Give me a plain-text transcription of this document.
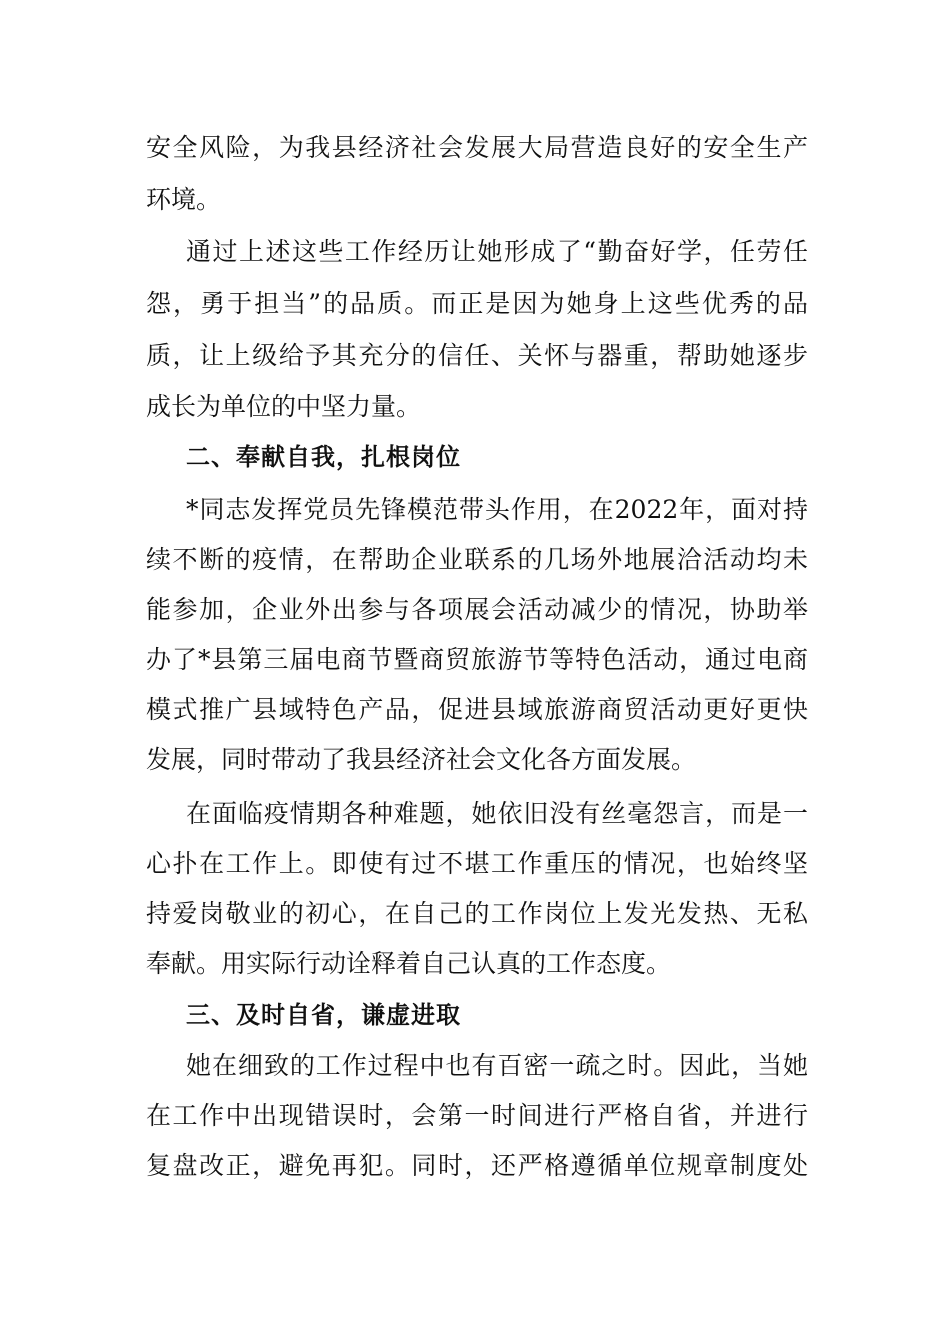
安全风险，为我县经济社会发展大局营造良好的安全生产
环境。
通过上述这些工作经历让她形成了“勤奋好学，任劳任
怨，勇于担当”的品质。而正是因为她身上这些优秀的品
质，让上级给予其充分的信任、关怀与器重，帮助她逐步
成长为单位的中坚力量。
二、奉献自我，扎根岗位
*同志发挥党员先锋模范带头作用，在2022年，面对持
续不断的疫情，在帮助企业联系的几场外地展洽活动均未
能参加，企业外出参与各项展会活动减少的情况，协助举
办了*县第三届电商节暨商贸旅游节等特色活动，通过电商
模式推广县域特色产品，促进县域旅游商贸活动更好更快
发展，同时带动了我县经济社会文化各方面发展。
在面临疫情期各种难题，她依旧没有丝毫怨言，而是一
心扑在工作上。即使有过不堪工作重压的情况，也始终坚
持爱岗敬业的初心，在自己的工作岗位上发光发热、无私
奉献。用实际行动诠释着自己认真的工作态度。
三、及时自省，谦虚进取
她在细致的工作过程中也有百密一疏之时。因此，当她
在工作中出现错误时，会第一时间进行严格自省，并进行
复盘改正，避免再犯。同时，还严格遵循单位规章制度处
